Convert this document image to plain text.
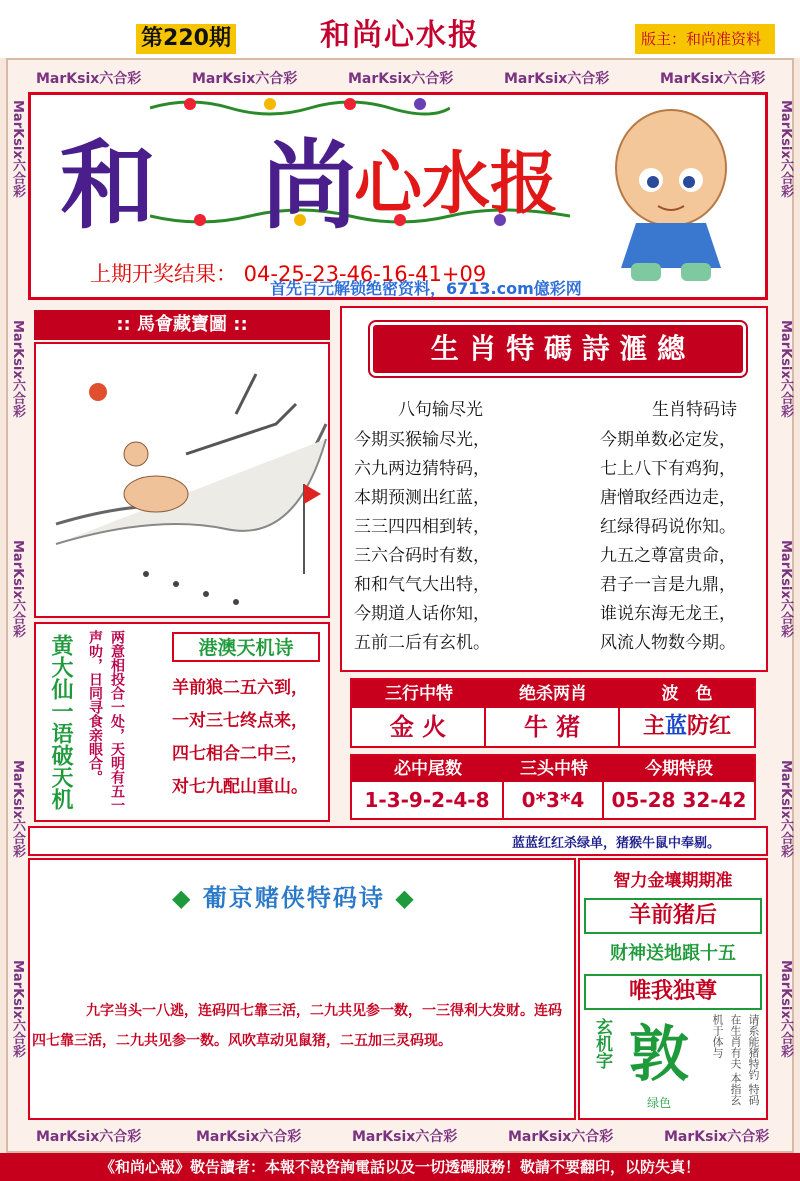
第220期	和尚心水报	版主：和尚准资料
MarKsix六合彩	MarKsix六合彩	MarKsix六合彩	MarKsix六合彩	MarKsix六合彩
MarKsix六合彩	MarKsix六合彩	MarKsix六合彩	MarKsix六合彩	MarKsix六合彩
MarKsix六合彩
MarKsix六合彩
MarKsix六合彩
MarKsix六合彩
MarKsix六合彩
MarKsix六合彩
MarKsix六合彩
MarKsix六合彩
MarKsix六合彩
MarKsix六合彩
和 尚
心水报
上期开奖结果： 04-25-23-46-16-41+09
首先百元解锁绝密资料，6713.com億彩网
:: 馬會藏寶圖 ::
生 肖 特 碼 詩 滙 總
八句输尽光
今期买猴输尽光，
六九两边猜特码，
本期预测出红蓝，
三三四四相到转，
三六合码时有数，
和和气气大出特，
今期道人话你知，
五前二后有玄机。
生肖特码诗
今期单数必定发，
七上八下有鸡狗，
唐憎取经西边走，
红绿得码说你知。
九五之尊富贵命，
君子一言是九鼎，
谁说东海无龙王，
风流人物数今期。
黄大仙一语破天机	两意相投合一处，天明有五一声叻，日同寻食亲眼合。	港澳天机诗
羊前狼二五六到，
一对三七终点来，
四七相合二中三，
对七九配山重山。
三行中特	绝杀两肖	波　色
金 火	牛 猪	主蓝防红
必中尾数	三头中特	今期特段
1-3-9-2-4-8	0*3*4	05-28 32-42
蓝蓝红红杀绿单，猪猴牛鼠中奉剔。
◆ 葡京赌侠特码诗 ◆
九字当头一八逃，连码四七靠三活，二九共见参一数，一三得利大发财。连码四七靠三活，二九共见参一数。风吹草动见鼠猪，二五加三灵码现。
智力金壤期期准
羊前猪后
财神送地跟十五
唯我独尊
玄机字 敦
绿色
请系能猪特钓 特码在生肖有夫 本指玄机于体与
《和尚心報》敬告讀者：本報不設咨詢電話以及一切透碼服務！敬請不要翻印，以防失真！
